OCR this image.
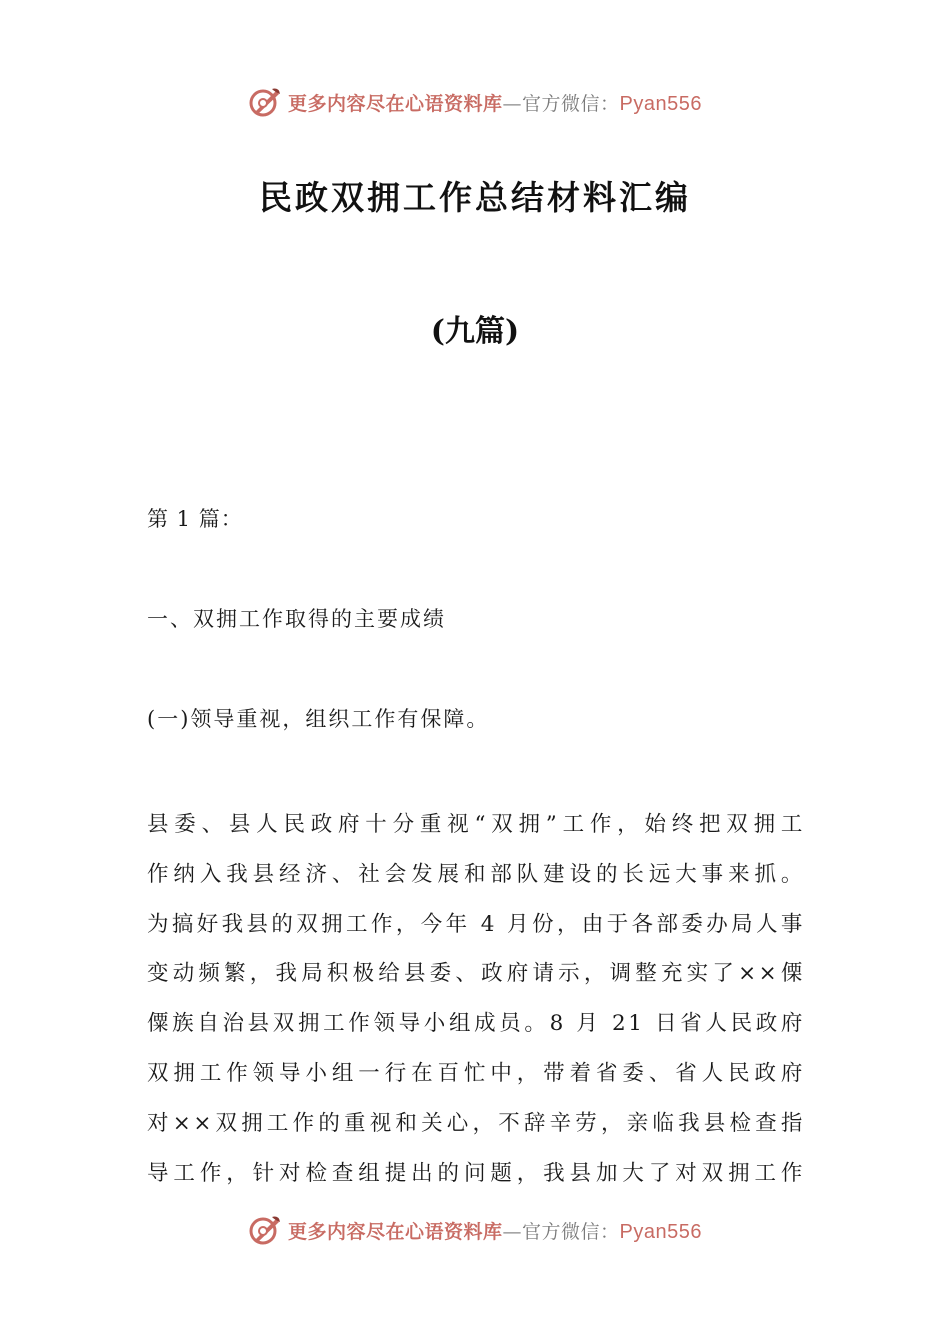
更多内容尽在心语资料库—官方微信：Pyan556
民政双拥工作总结材料汇编
(九篇)
第 1 篇：
一、双拥工作取得的主要成绩
(一)领导重视，组织工作有保障。
县委、县人民政府十分重视“双拥”工作，始终把双拥工
作纳入我县经济、社会发展和部队建设的长远大事来抓。
为搞好我县的双拥工作，今年 4 月份，由于各部委办局人事
变动频繁，我局积极给县委、政府请示，调整充实了××傈
僳族自治县双拥工作领导小组成员。8 月 21 日省人民政府
双拥工作领导小组一行在百忙中，带着省委、省人民政府
对××双拥工作的重视和关心，不辞辛劳，亲临我县检查指
导工作，针对检查组提出的问题，我县加大了对双拥工作
更多内容尽在心语资料库—官方微信：Pyan556
